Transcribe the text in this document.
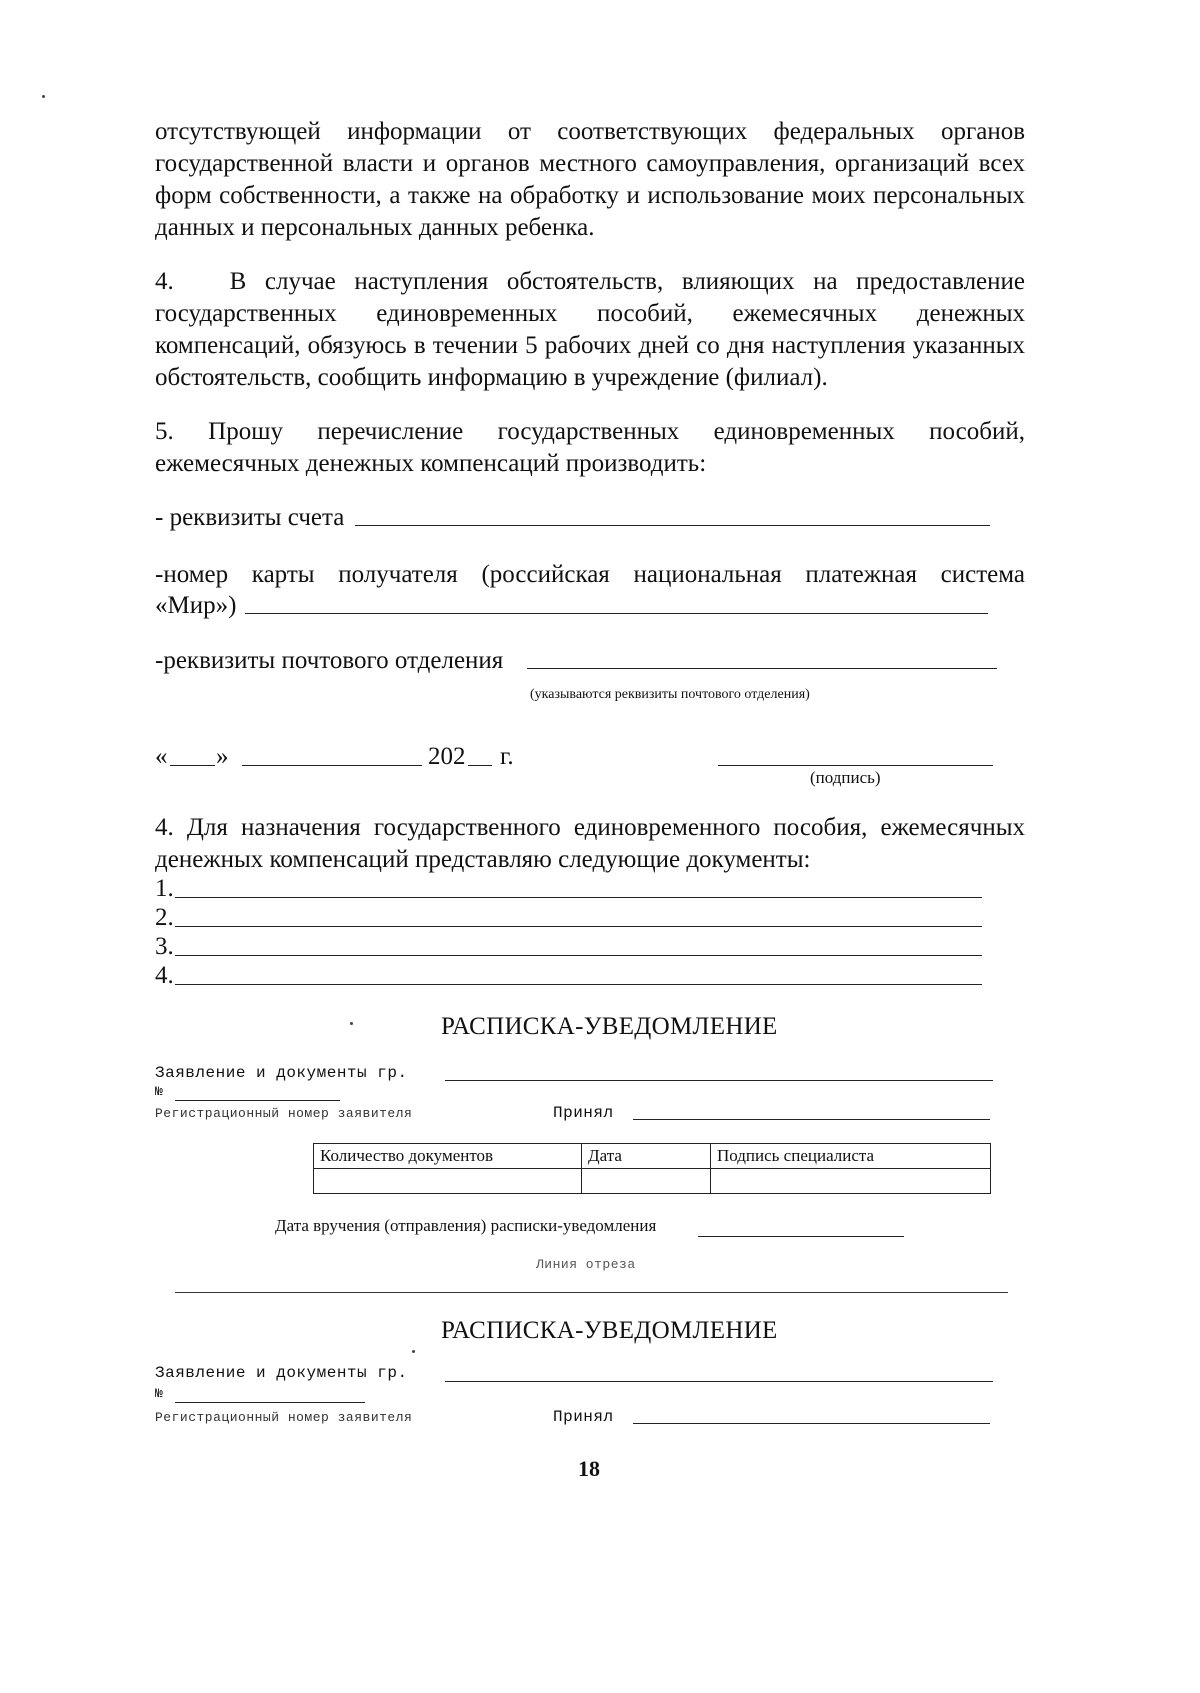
отсутствующей информации от соответствующих федеральных органов государственной власти и органов местного самоуправления, организаций всех форм собственности, а также на обработку и использование моих персональных данных и персональных данных ребенка.
4. В случае наступления обстоятельств, влияющих на предоставление государственных единовременных пособий, ежемесячных денежных компенсаций, обязуюсь в течении 5 рабочих дней со дня наступления указанных обстоятельств, сообщить информацию в учреждение (филиал).
5. Прошу перечисление государственных единовременных пособий, ежемесячных денежных компенсаций производить:
- реквизиты счета
-номер карты получателя (российская национальная платежная система
«Мир»)
-реквизиты почтового отделения
(указываются реквизиты почтового отделения)
« »	202 г.
(подпись)
4. Для назначения государственного единовременного пособия, ежемесячных денежных компенсаций представляю следующие документы:
1.
2.
3.
4.
РАСПИСКА-УВЕДОМЛЕНИЕ
Заявление и документы гр.
№
Регистрационный номер заявителя	Принял
Количество документов	Дата	Подпись специалиста

Дата вручения (отправления) расписки-уведомления
Линия отреза
РАСПИСКА-УВЕДОМЛЕНИЕ
Заявление и документы гр.
№
Регистрационный номер заявителя	Принял
18
